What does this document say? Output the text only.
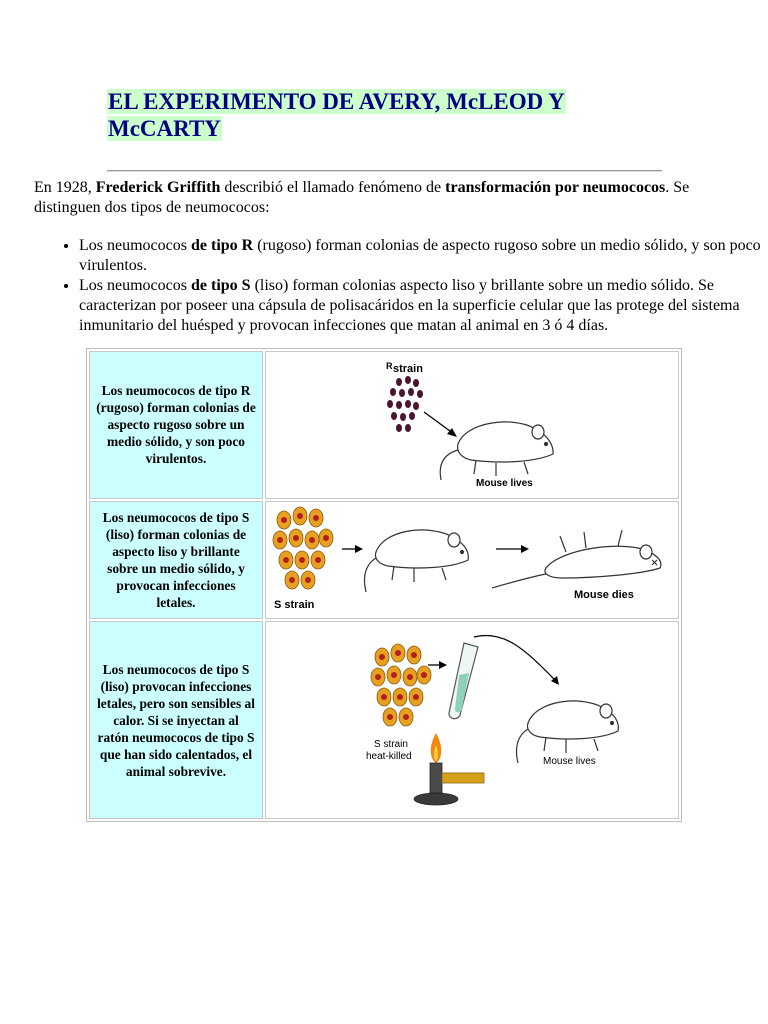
EL EXPERIMENTO DE AVERY, McLEOD Y
McCARTY

En 1928, Frederick Griffith describió el llamado fenómeno de transformación por neumococos. Se distinguen dos tipos de neumococos:

• Los neumococos de tipo R (rugoso) forman colonias de aspecto rugoso sobre un medio sólido, y son poco virulentos.
• Los neumococos de tipo S (liso) forman colonias aspecto liso y brillante sobre un medio sólido. Se caracterizan por poseer una cápsula de polisacáridos en la superficie celular que las protege del sistema inmunitario del huésped y provocan infecciones que matan al animal en 3 ó 4 días.
Los neumococos de tipo R (rugoso) forman colonias de aspecto rugoso sobre un medio sólido, y son poco virulentos.	R strain
Mouse lives

Los neumococos de tipo S (liso) forman colonias de aspecto liso y brillante sobre un medio sólido, y provocan infecciones letales.	S strain
Mouse dies

Los neumococos de tipo S (liso) provocan infecciones letales, pero son sensibles al calor. Si se inyectan al ratón neumococos de tipo S que han sido calentados, el animal sobrevive.	Mouse lives
S strain
heat-killed
